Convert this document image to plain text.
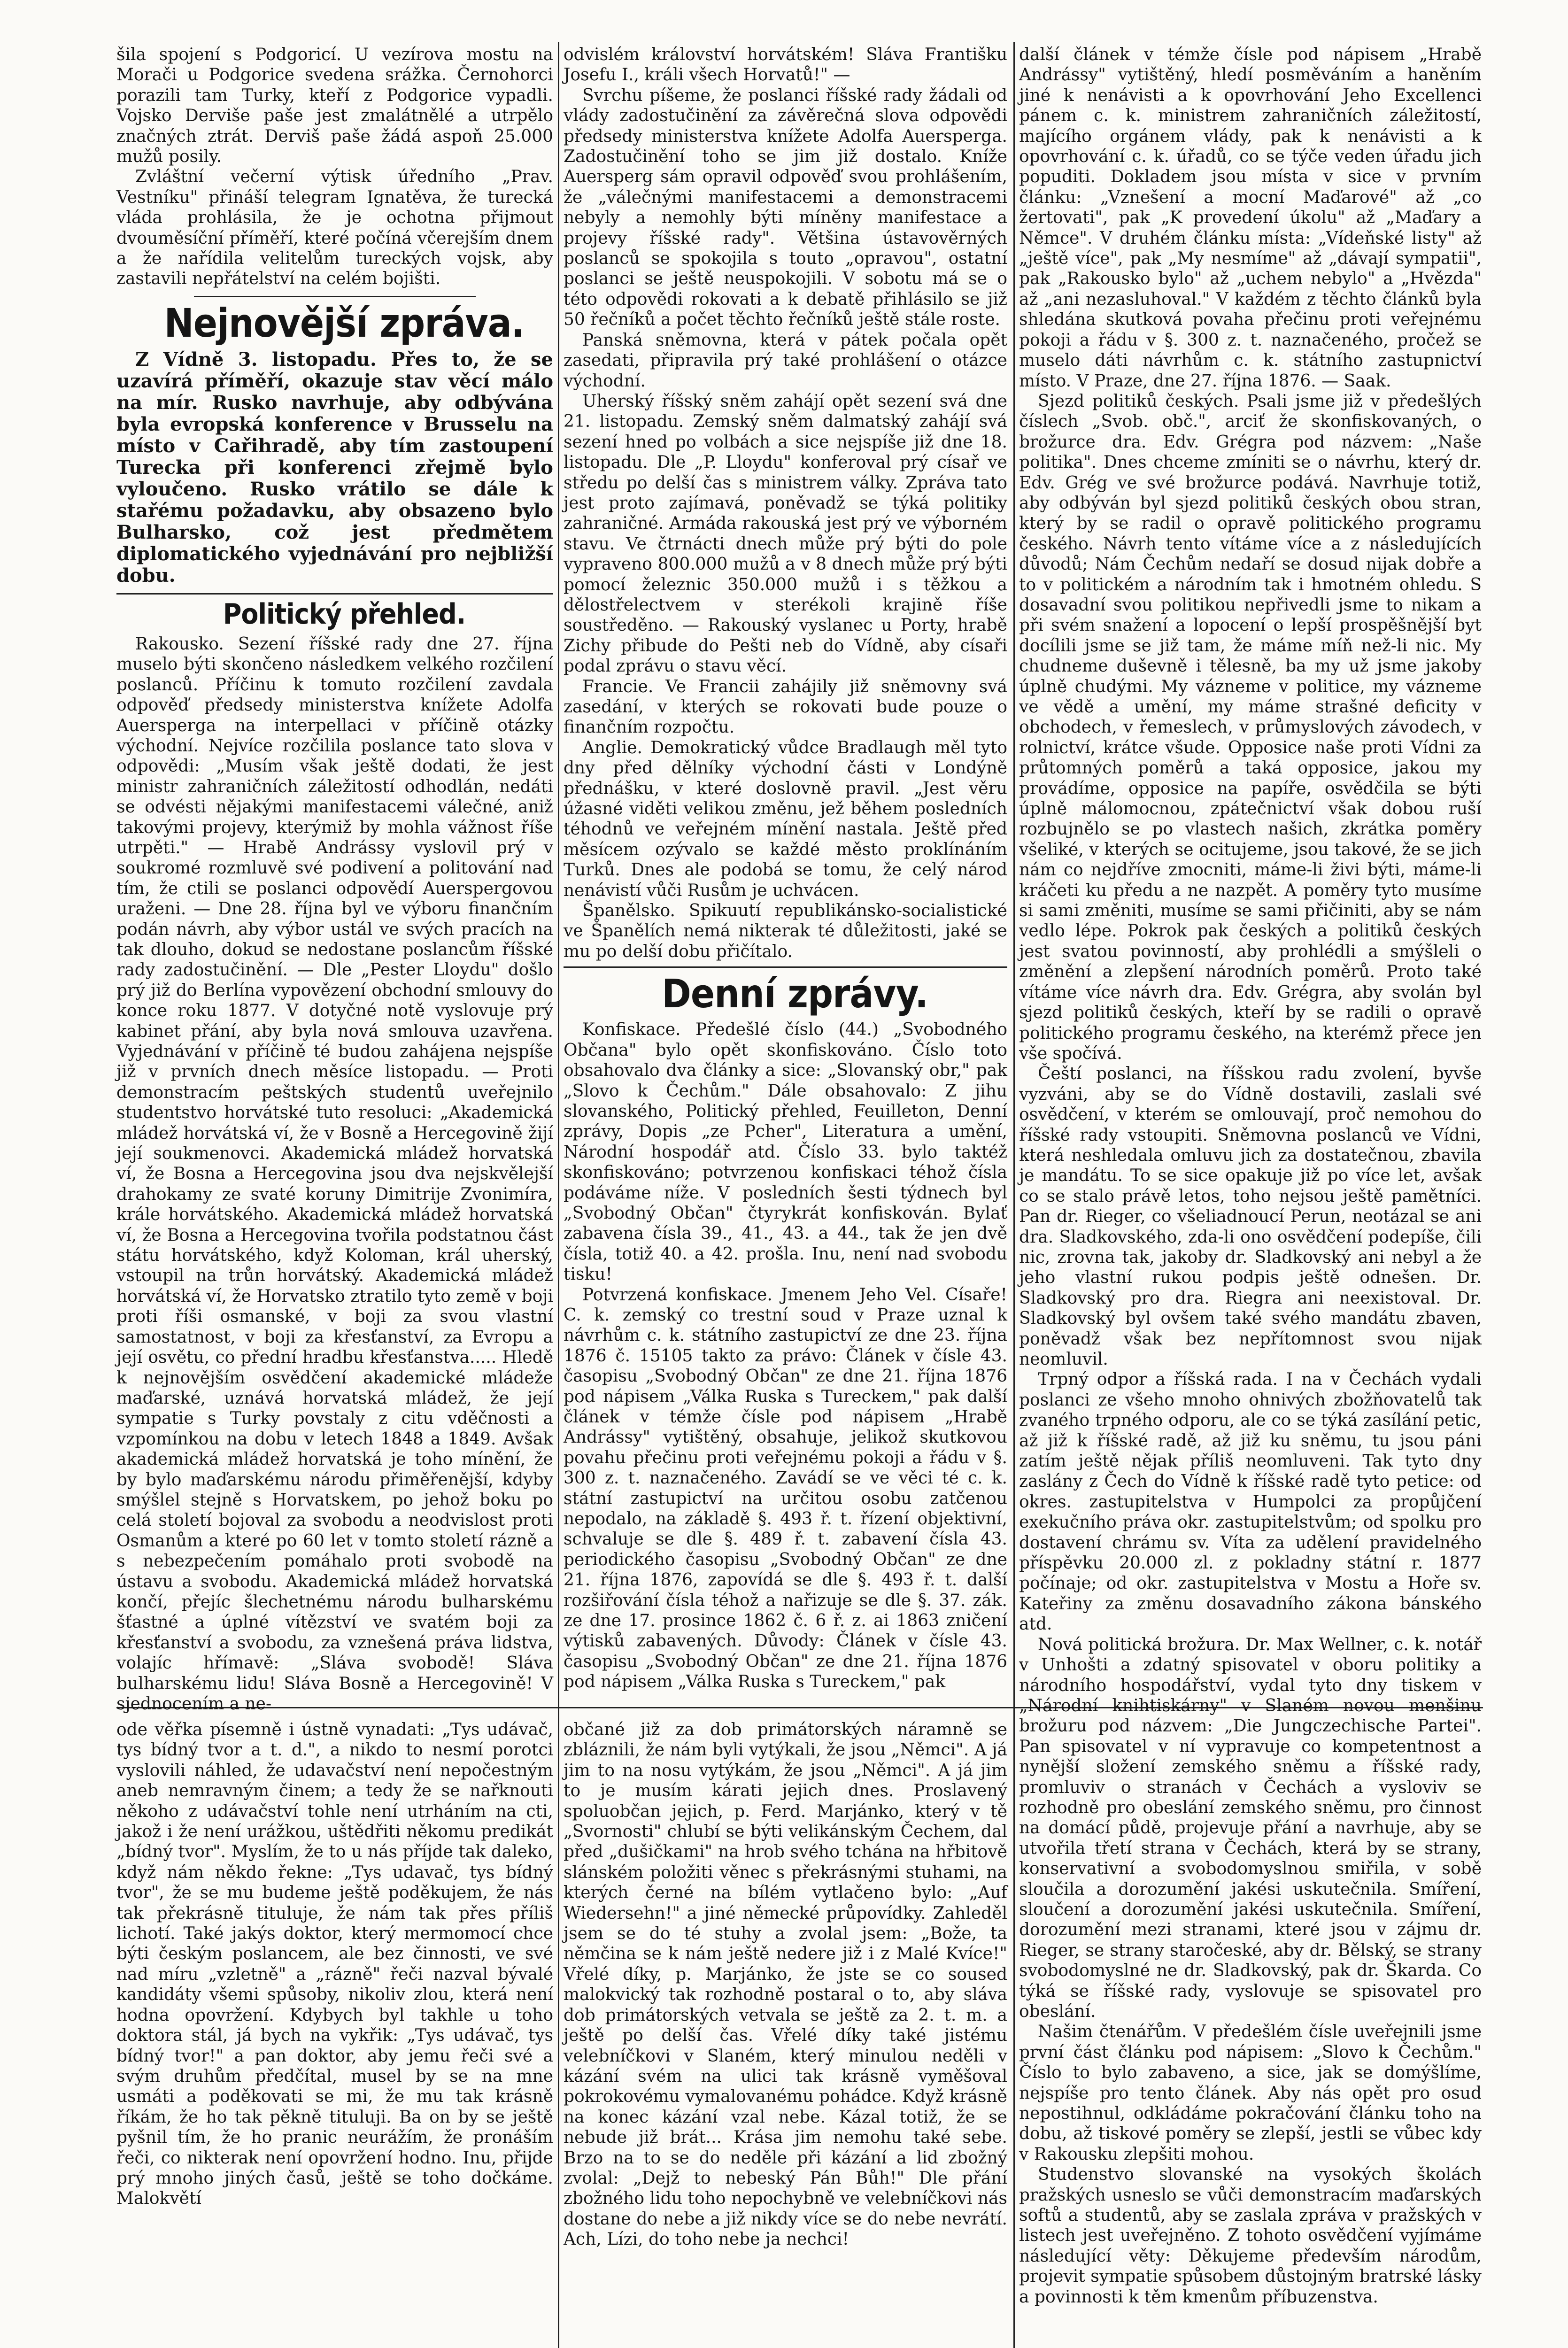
šila spojení s Podgoricí. U vezírova mostu na Morači u Podgorice svedena srážka. Černohorci porazili tam Turky, kteří z Podgorice vypadli. Vojsko Derviše paše jest zmalátnělé a utrpělo značných ztrát. Derviš paše žádá aspoň 25.000 mužů posily.

Zvláštní večerní výtisk úředního „Prav. Vestníku" přináší telegram Ignatěva, že turecká vláda prohlásila, že je ochotna přijmout dvouměsíční příměří, které počíná včerejším dnem a že nařídila velitelům tureckých vojsk, aby zastavili nepřátelství na celém bojišti.

Nejnovější zpráva.

Z Vídně 3. listopadu. Přes to, že se uzavírá příměří, okazuje stav věcí málo na mír. Rusko navrhuje, aby odbývána byla evropská konference v Brusselu na místo v Cařihradě, aby tím zastoupení Turecka při konferenci zřejmě bylo vyloučeno. Rusko vrátilo se dále k stařému požadavku, aby obsazeno bylo Bulharsko, což jest předmětem diplomatického vyjednávání pro nejbližší dobu.

Politický přehled.

Rakousko. Sezení říšské rady dne 27. října muselo býti skončeno následkem velkého rozčilení poslanců. Příčinu k tomuto rozčilení zavdala odpověď předsedy ministerstva knížete Adolfa Auersperga na interpellaci v příčině otázky východní. Nejvíce rozčilila poslance tato slova v odpovědi: „Musím však ještě dodati, že jest ministr zahraničních záležitostí odhodlán, nedáti se odvésti nějakými manifestacemi válečné, aniž takovými projevy, kterýmiž by mohla vážnost říše utrpěti." — Hrabě Andrássy vyslovil prý v soukromé rozmluvě své podivení a politování nad tím, že ctili se poslanci odpovědí Auerspergovou uraženi. — Dne 28. října byl ve výboru finančním podán návrh, aby výbor ustál ve svých pracích na tak dlouho, dokud se nedostane poslancům říšské rady zadostučinění. — Dle „Pester Lloydu" došlo prý již do Berlína vypovězení obchodní smlouvy do konce roku 1877. V dotyčné notě vyslovuje prý kabinet přání, aby byla nová smlouva uzavřena. Vyjednávání v příčině té budou zahájena nejspíše již v prvních dnech měsíce listopadu. — Proti demonstracím peštských studentů uveřejnilo studentstvo horvátské tuto resoluci: „Akademická mládež horvátská ví, že v Bosně a Hercegovině žijí její soukmenovci. Akademická mládež horvatská ví, že Bosna a Hercegovina jsou dva nejskvělejší drahokamy ze svaté koruny Dimitrije Zvonimíra, krále horvátského. Akademická mládež horvatská ví, že Bosna a Hercegovina tvořila podstatnou část státu horvátského, když Koloman, král uherský, vstoupil na trůn horvátský. Akademická mládež horvátská ví, že Horvatsko ztratilo tyto země v boji proti říši osmanské, v boji za svou vlastní samostatnost, v boji za křesťanství, za Evropu a její osvětu, co přední hradbu křesťanstva..... Hledě k nejnovějším osvědčení akademické mládeže maďarské, uznává horvatská mládež, že její sympatie s Turky povstaly z citu vděčnosti a vzpomínkou na dobu v letech 1848 a 1849. Avšak akademická mládež horvatská je toho mínění, že by bylo maďarskému národu přiměřenější, kdyby smýšlel stejně s Horvatskem, po jehož boku po celá století bojoval za svobodu a neodvislost proti Osmanům a které po 60 let v tomto století rázně a s nebezpečením pomáhalo proti svobodě na ústavu a svobodu. Akademická mládež horvatská končí, přejíc šlechetnému národu bulharskému šťastné a úplné vítězství ve svatém boji za křesťanství a svobodu, za vznešená práva lidstva, volajíc hřímavě: „Sláva svobodě! Sláva bulharskému lidu! Sláva Bosně a Hercegovině! V sjednocením a ne-

odvislém království horvátském! Sláva Františku Josefu I., králi všech Horvatů!" —

Svrchu píšeme, že poslanci říšské rady žádali od vlády zadostučinění za závěrečná slova odpovědi předsedy ministerstva knížete Adolfa Auersperga. Zadostučinění toho se jim již dostalo. Kníže Auersperg sám opravil odpověď svou prohlášením, že „válečnými manifestacemi a demonstracemi nebyly a nemohly býti míněny manifestace a projevy říšské rady". Většina ústavověrných poslanců se spokojila s touto „opravou", ostatní poslanci se ještě neuspokojili. V sobotu má se o této odpovědi rokovati a k debatě přihlásilo se již 50 řečníků a počet těchto řečníků ještě stále roste.

Panská sněmovna, která v pátek počala opět zasedati, připravila prý také prohlášení o otázce východní.

Uherský říšský sněm zahájí opět sezení svá dne 21. listopadu. Zemský sněm dalmatský zahájí svá sezení hned po volbách a sice nejspíše již dne 18. listopadu. Dle „P. Lloydu" konferoval prý císař ve středu po delší čas s ministrem války. Zpráva tato jest proto zajímavá, poněvadž se týká politiky zahraničné. Armáda rakouská jest prý ve výborném stavu. Ve čtrnácti dnech může prý býti do pole vypraveno 800.000 mužů a v 8 dnech může prý býti pomocí železnic 350.000 mužů i s těžkou a dělostřelectvem v sterékoli krajině říše soustředěno. — Rakouský vyslanec u Porty, hrabě Zichy přibude do Pešti neb do Vídně, aby císaři podal zprávu o stavu věcí.

Francie. Ve Francii zahájily již sněmovny svá zasedání, v kterých se rokovati bude pouze o finančním rozpočtu.

Anglie. Demokratický vůdce Bradlaugh měl tyto dny před dělníky východní části v Londýně přednášku, v které doslovně pravil. „Jest věru úžasné viděti velikou změnu, jež během posledních téhodnů ve veřejném mínění nastala. Ještě před měsícem ozývalo se každé město proklínáním Turků. Dnes ale podobá se tomu, že celý národ nenávistí vůči Rusům je uchvácen.

Španělsko. Spikuutí republikánsko-socialistické ve Španělích nemá nikterak té důležitosti, jaké se mu po delší dobu přičítalo.

Denní zprávy.

Konfiskace. Předešlé číslo (44.) „Svobodného Občana" bylo opět skonfiskováno. Číslo toto obsahovalo dva články a sice: „Slovanský obr," pak „Slovo k Čechům." Dále obsahovalo: Z jihu slovanského, Politický přehled, Feuilleton, Denní zprávy, Dopis „ze Pcher", Literatura a umění, Národní hospodář atd. Číslo 33. bylo taktéž skonfiskováno; potvrzenou konfiskaci téhož čísla podáváme níže. V posledních šesti týdnech byl „Svobodný Občan" čtyrykrát konfiskován. Bylať zabavena čísla 39., 41., 43. a 44., tak že jen dvě čísla, totiž 40. a 42. prošla. Inu, není nad svobodu tisku!

Potvrzená konfiskace. Jmenem Jeho Vel. Císaře! C. k. zemský co trestní soud v Praze uznal k návrhům c. k. státního zastupictví ze dne 23. října 1876 č. 15105 takto za právo: Článek v čísle 43. časopisu „Svobodný Občan" ze dne 21. října 1876 pod nápisem „Válka Ruska s Tureckem," pak další článek v témže čísle pod nápisem „Hrabě Andrássy" vytištěný, obsahuje, jelikož skutkovou povahu přečinu proti veřejnému pokoji a řádu v §. 300 z. t. naznačeného. Zavádí se ve věci té c. k. státní zastupictví na určitou osobu zatčenou nepodalo, na základě §. 493 ř. t. řízení objektivní, schvaluje se dle §. 489 ř. t. zabavení čísla 43. periodického časopisu „Svobodný Občan" ze dne 21. října 1876, zapovídá se dle §. 493 ř. t. další rozšiřování čísla téhož a nařizuje se dle §. 37. zák. ze dne 17. prosince 1862 č. 6 ř. z. ai 1863 zničení výtisků zabavených. Důvody: Článek v čísle 43. časopisu „Svobodný Občan" ze dne 21. října 1876 pod nápisem „Válka Ruska s Tureckem," pak

další článek v témže čísle pod nápisem „Hrabě Andrássy" vytištěný, hledí posměváním a haněním jiné k nenávisti a k opovrhování Jeho Excellenci pánem c. k. ministrem zahraničních záležitostí, majícího orgánem vlády, pak k nenávisti a k opovrhování c. k. úřadů, co se týče veden úřadu jich popuditi. Dokladem jsou místa v sice v prvním článku: „Vznešení a mocní Maďarové" až „co žertovati", pak „K provedení úkolu" až „Maďary a Němce". V druhém článku místa: „Vídeňské listy" až „ještě více", pak „My nesmíme" až „dávají sympatii", pak „Rakousko bylo" až „uchem nebylo" a „Hvězda" až „ani nezasluhoval." V každém z těchto článků byla shledána skutková povaha přečinu proti veřejnému pokoji a řádu v §. 300 z. t. naznačeného, pročež se muselo dáti návrhům c. k. státního zastupnictví místo. V Praze, dne 27. října 1876. — Saak.

Sjezd politiků českých. Psali jsme již v předešlých číslech „Svob. obč.", arciť že skonfiskovaných, o brožurce dra. Edv. Grégra pod názvem: „Naše politika". Dnes chceme zmíniti se o návrhu, který dr. Edv. Grég ve své brožurce podává. Navrhuje totiž, aby odbýván byl sjezd politiků českých obou stran, který by se radil o opravě politického programu českého. Návrh tento vítáme více a z následujících důvodů; Nám Čechům nedaří se dosud nijak dobře a to v politickém a národním tak i hmotném ohledu. S dosavadní svou politikou nepřivedli jsme to nikam a při svém snažení a lopocení o lepší prospěšnější byt docílili jsme se již tam, že máme míň než-li nic. My chudneme duševně i tělesně, ba my už jsme jakoby úplně chudými. My vázneme v politice, my vázneme ve vědě a umění, my máme strašné deficity v obchodech, v řemeslech, v průmyslových závodech, v rolnictví, krátce všude. Opposice naše proti Vídni za průtomných poměrů a taká opposice, jakou my provádíme, opposice na papíře, osvědčila se býti úplně málomocnou, zpátečnictví však dobou ruší rozbujnělo se po vlastech našich, zkrátka poměry všeliké, v kterých se ocitujeme, jsou takové, že se jich nám co nejdříve zmocniti, máme-li živi býti, máme-li kráčeti ku předu a ne nazpět. A poměry tyto musíme si sami změniti, musíme se sami přičiniti, aby se nám vedlo lépe. Pokrok pak českých a politiků českých jest svatou povinností, aby prohlédli a smýšleli o změnění a zlepšení národních poměrů. Proto také vítáme více návrh dra. Edv. Grégra, aby svolán byl sjezd politiků českých, kteří by se radili o opravě politického programu českého, na kterémž přece jen vše spočívá.

Čeští poslanci, na říšskou radu zvolení, byvše vyzváni, aby se do Vídně dostavili, zaslali své osvědčení, v kterém se omlouvají, proč nemohou do říšské rady vstoupiti. Sněmovna poslanců ve Vídni, která neshledala omluvu jich za dostatečnou, zbavila je mandátu. To se sice opakuje již po více let, avšak co se stalo právě letos, toho nejsou ještě pamětníci. Pan dr. Rieger, co všeliadnoucí Perun, neotázal se ani dra. Sladkovského, zda-li ono osvědčení podepíše, čili nic, zrovna tak, jakoby dr. Sladkovský ani nebyl a že jeho vlastní rukou podpis ještě odnešen. Dr. Sladkovský pro dra. Riegra ani neexistoval. Dr. Sladkovský byl ovšem také svého mandátu zbaven, poněvadž však bez nepřítomnost svou nijak neomluvil.

Trpný odpor a říšská rada. I na v Čechách vydali poslanci ze všeho mnoho ohnivých zbožňovatelů tak zvaného trpného odporu, ale co se týká zasílání petic, až již k říšské radě, až již ku sněmu, tu jsou páni zatím ještě nějak příliš neomluveni. Tak tyto dny zaslány z Čech do Vídně k říšské radě tyto petice: od okres. zastupitelstva v Humpolci za propůjčení exekučního práva okr. zastupitelstvům; od spolku pro dostavení chrámu sv. Víta za udělení pravidelného příspěvku 20.000 zl. z pokladny státní r. 1877 počínaje; od okr. zastupitelstva v Mostu a Hoře sv. Kateřiny za změnu dosavadního zákona bánského atd.

Nová politická brožura. Dr. Max Wellner, c. k. notář v Unhošti a zdatný spisovatel v oboru politiky a národního hospodářství, vydal tyto dny tiskem v „Národní knihtiskárny" v Slaném novou menšinu brožuru pod názvem: „Die Jungczechische Partei". Pan spisovatel v ní vypravuje co kompetentnost a nynější složení zemského sněmu a říšské rady, promluviv o stranách v Čechách a vysloviv se rozhodně pro obeslání zemského sněmu, pro činnost na domácí půdě, projevuje přání a navrhuje, aby se utvořila třetí strana v Čechách, která by se strany, konservativní a svobodomyslnou smiřila, v sobě sloučila a dorozumění jakési uskutečnila. Smíření, sloučení a dorozumění jakési uskutečnila. Smíření, dorozumění mezi stranami, které jsou v zájmu dr. Rieger, se strany staročeské, aby dr. Bělský, se strany svobodomyslné ne dr. Sladkovský, pak dr. Škarda. Co týká se říšské rady, vyslovuje se spisovatel pro obeslání.

Našim čtenářům. V předešlém čísle uveřejnili jsme první část článku pod nápisem: „Slovo k Čechům." Číslo to bylo zabaveno, a sice, jak se domýšlíme, nejspíše pro tento článek. Aby nás opět pro osud nepostihnul, odkládáme pokračování článku toho na dobu, až tiskové poměry se zlepší, jestli se vůbec kdy v Rakousku zlepšiti mohou.

Studenstvo slovanské na vysokých školách pražských usneslo se vůči demonstracím maďarských softů a studentů, aby se zaslala zpráva v pražských v listech jest uveřejněno. Z tohoto osvědčení vyjímáme následující věty: Děkujeme především národům, projevit sympatie spůsobem důstojným bratrské lásky a povinnosti k těm kmenům příbuzenstva.

ode věřka písemně i ústně vynadati: „Tys udávač, tys bídný tvor a t. d.", a nikdo to nesmí porotci vyslovili náhled, že udavačství není nepočestným aneb nemravným činem; a tedy že se nařknouti někoho z udávačství tohle není utrháním na cti, jakož i že není urážkou, uštědřiti někomu predikát „bídný tvor". Myslím, že to u nás příjde tak daleko, když nám někdo řekne: „Tys udavač, tys bídný tvor", že se mu budeme ještě poděkujem, že nás tak překrásně tituluje, že nám tak přes příliš lichotí. Také jakýs doktor, který mermomocí chce býti českým poslancem, ale bez činnosti, ve své nad míru „vzletně" a „rázně" řeči nazval bývalé kandidáty všemi spůsoby, nikoliv zlou, která není hodna opovržení. Kdybych byl takhle u toho doktora stál, já bych na vykřik: „Tys udávač, tys bídný tvor!" a pan doktor, aby jemu řeči své a svým druhům předčítal, musel by se na mne usmáti a poděkovati se mi, že mu tak krásně říkám, že ho tak pěkně tituluji. Ba on by se ještě pyšnil tím, že ho pranic neurážím, že pronáším řeči, co nikterak není opovržení hodno. Inu, přijde prý mnoho jiných časů, ještě se toho dočkáme. Malokvětí

občané již za dob primátorských náramně se zbláznili, že nám byli vytýkali, že jsou „Němci". A já jim to na nosu vytýkám, že jsou „Němci". A já jim to je musím kárati jejich dnes. Proslavený spoluobčan jejich, p. Ferd. Marjánko, který v tě „Svornosti" chlubí se býti velikánským Čechem, dal před „dušičkami" na hrob svého tchána na hřbitově slánském položiti věnec s překrásnými stuhami, na kterých černé na bílém vytlačeno bylo: „Auf Wiedersehn!" a jiné německé průpovídky. Zahleděl jsem se do té stuhy a zvolal jsem: „Bože, ta němčina se k nám ještě nedere již i z Malé Kvíce!" Vřelé díky, p. Marjánko, že jste se co soused malokvický tak rozhodně postaral o to, aby sláva dob primátorských vetvala se ještě za 2. t. m. a ještě po delší čas. Vřelé díky také jistému velebníčkovi v Slaném, který minulou neděli v kázání svém na ulici tak krásně vyměšoval pokrokovému vymalovanému pohádce. Když krásně na konec kázání vzal nebe. Kázal totiž, že se nebude již brát... Krása jim nemohu také sebe. Brzo na to se do neděle při kázání a lid zbožný zvolal: „Dejž to nebeský Pán Bůh!" Dle přání zbožného lidu toho nepochybně ve velebníčkovi nás dostane do nebe a již nikdy více se do nebe nevrátí. Ach, Lízi, do toho nebe ja nechci!
